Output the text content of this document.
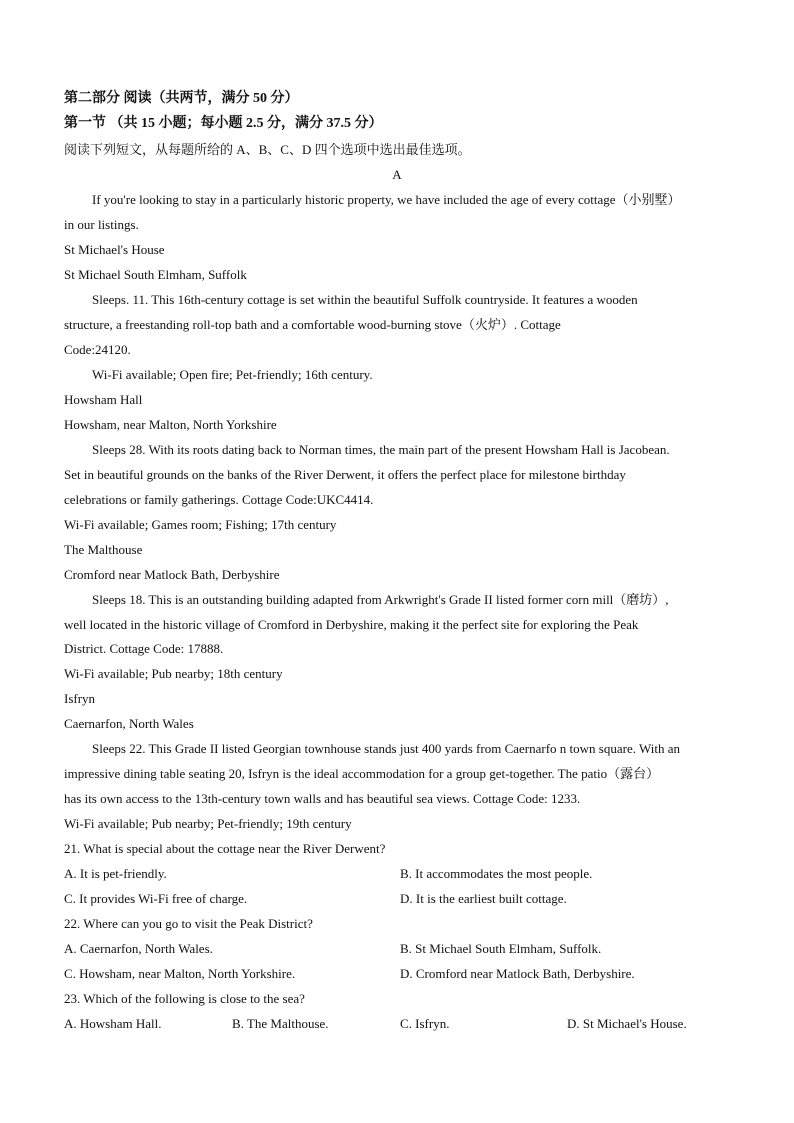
第二部分 阅读（共两节，满分 50 分）
第一节 （共 15 小题；每小题 2.5 分，满分 37.5 分）
阅读下列短文，从每题所给的 A、B、C、D 四个选项中选出最佳选项。
A
If you're looking to stay in a particularly historic property, we have included the age of every cottage（小别墅）
in our listings.
St Michael's House
St Michael South Elmham, Suffolk
Sleeps. 11. This 16th-century cottage is set within the beautiful Suffolk countryside. It features a wooden
structure, a freestanding roll-top bath and a comfortable wood-burning stove（火炉）. Cottage
Code:24120.
Wi-Fi available; Open fire; Pet-friendly; 16th century.
Howsham Hall
Howsham, near Malton, North Yorkshire
Sleeps 28. With its roots dating back to Norman times, the main part of the present Howsham Hall is Jacobean.
Set in beautiful grounds on the banks of the River Derwent, it offers the perfect place for milestone birthday
celebrations or family gatherings. Cottage Code:UKC4414.
Wi-Fi available; Games room; Fishing; 17th century
The Malthouse
Cromford near Matlock Bath, Derbyshire
Sleeps 18. This is an outstanding building adapted from Arkwright's Grade II listed former corn mill（磨坊）,
well located in the historic village of Cromford in Derbyshire, making it the perfect site for exploring the Peak
District. Cottage Code: 17888.
Wi-Fi available; Pub nearby; 18th century
Isfryn
Caernarfon, North Wales
Sleeps 22. This Grade II listed Georgian townhouse stands just 400 yards from Caernarfo n town square. With an
impressive dining table seating 20, Isfryn is the ideal accommodation for a group get-together. The patio（露台）
has its own access to the 13th-century town walls and has beautiful sea views. Cottage Code: 1233.
Wi-Fi available; Pub nearby; Pet-friendly; 19th century
21. What is special about the cottage near the River Derwent?
A. It is pet-friendly.	B. It accommodates the most people.
C. It provides Wi-Fi free of charge.	D. It is the earliest built cottage.
22. Where can you go to visit the Peak District?
A. Caernarfon, North Wales.	B. St Michael South Elmham, Suffolk.
C. Howsham, near Malton, North Yorkshire.	D. Cromford near Matlock Bath, Derbyshire.
23. Which of the following is close to the sea?
A. Howsham Hall.	B. The Malthouse.	C. Isfryn.	D. St Michael's House.
